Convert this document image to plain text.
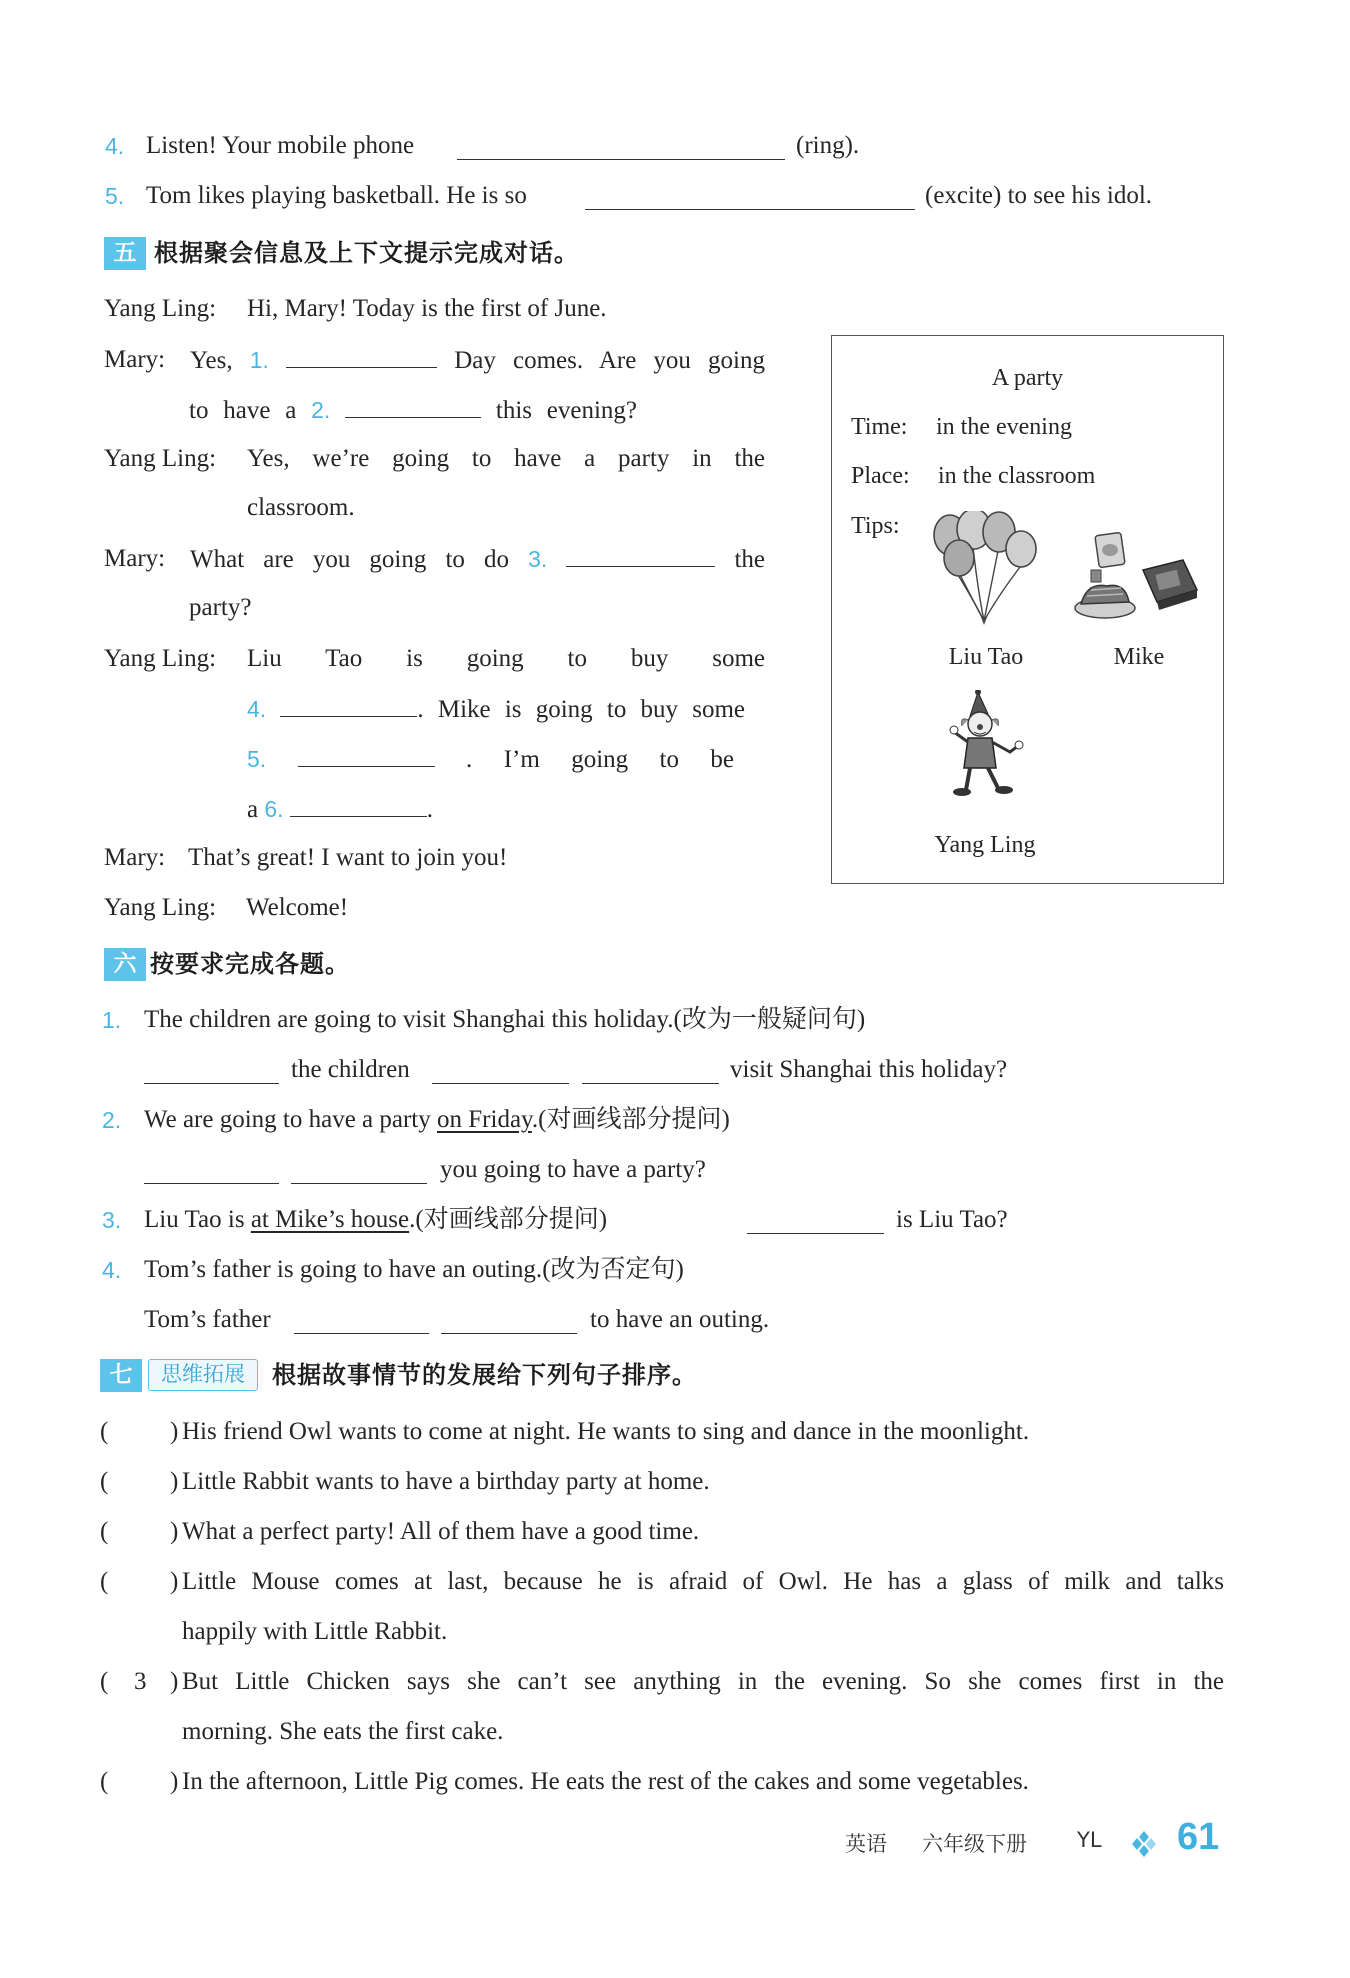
4. Listen! Your mobile phone	(ring).
5. Tom likes playing basketball. He is so	(excite) to see his idol.
五 根据聚会信息及上下文提示完成对话。
Yang Ling: Hi, Mary! Today is the first of June.
Mary: Yes, 1.	Day comes. Are you going
to have a 2.	this evening?
Yang Ling: Yes, we’re going to have a party in the
classroom.
Mary: What are you going to do 3.	the
party?
Yang Ling: Liu Tao is going to buy some
4.	. Mike is going to buy some
5.	. I’m going to be
a 6.	.
Mary: That’s great! I want to join you!
Yang Ling: Welcome!
A party
Time: in the evening
Place: in the classroom
Tips:
Liu Tao	Mike
Yang Ling
六 按要求完成各题。
1. The children are going to visit Shanghai this holiday.(改为一般疑问句)
the children	visit Shanghai this holiday?
2. We are going to have a party on Friday.(对画线部分提问)
you going to have a party?
3. Liu Tao is at Mike’s house.(对画线部分提问)	is Liu Tao?
4. Tom’s father is going to have an outing.(改为否定句)
Tom’s father	to have an outing.
七	思维拓展	根据故事情节的发展给下列句子排序。
( ) His friend Owl wants to come at night. He wants to sing and dance in the moonlight.
( ) Little Rabbit wants to have a birthday party at home.
( ) What a perfect party! All of them have a good time.
( ) Little Mouse comes at last, because he is afraid of Owl. He has a glass of milk and talks
happily with Little Rabbit.
( 3 ) But Little Chicken says she can’t see anything in the evening. So she comes first in the
morning. She eats the first cake.
( ) In the afternoon, Little Pig comes. He eats the rest of the cakes and some vegetables.
英语 六年级下册 YL 61
